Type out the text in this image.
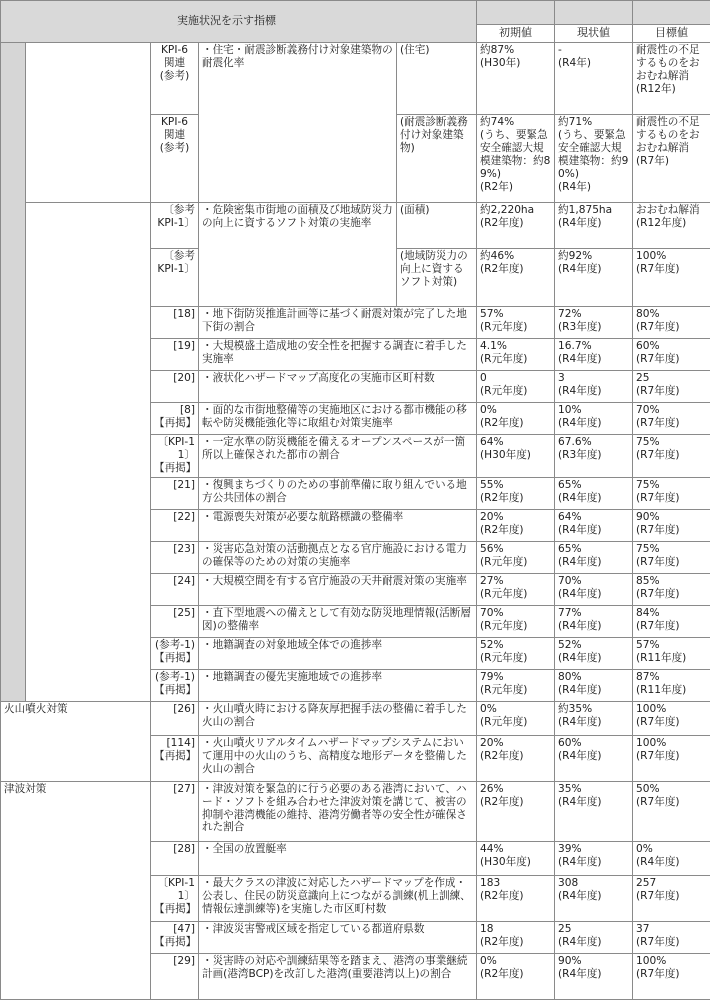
実施状況を示す指標							
					初期値	現状値	目標値
		KPI-6
関連
(参考)	・住宅・耐震診断義務付け対象建築物の耐震化率	(住宅)	約87%
(H30年)	-
(R4年)	耐震性の不足するものをおおむね解消
(R12年)
		KPI-6
関連
(参考)		(耐震診断義務付け対象建築物)	約74%
(うち、要緊急安全確認大規模建築物：約89%)
(R2年)	約71%
(うち、要緊急安全確認大規模建築物：約90%)
(R4年)	耐震性の不足するものをおおむね解消
(R7年)
		〔参考
KPI-1〕	・危険密集市街地の面積及び地域防災力の向上に資するソフト対策の実施率	(面積)	約2,220ha
(R2年度)	約1,875ha
(R4年度)	おおむね解消
(R12年度)
		〔参考
KPI-1〕		(地域防災力の向上に資するソフト対策)	約46%
(R2年度)	約92%
(R4年度)	100%
(R7年度)
		[18]	・地下街防災推進計画等に基づく耐震対策が完了した地下街の割合		57%
(R元年度)	72%
(R3年度)	80%
(R7年度)
		[19]	・大規模盛土造成地の安全性を把握する調査に着手した実施率		4.1%
(R元年度)	16.7%
(R4年度)	60%
(R7年度)
		[20]	・液状化ハザードマップ高度化の実施市区町村数		0
(R元年度)	3
(R4年度)	25
(R7年度)
		[8]
【再掲】	・面的な市街地整備等の実施地区における都市機能の移転や防災機能強化等に取組む対策実施率		0%
(R2年度)	10%
(R4年度)	70%
(R7年度)
		〔KPI-11〕
【再掲】	・一定水準の防災機能を備えるオープンスペースが一箇所以上確保された都市の割合		64%
(H30年度)	67.6%
(R3年度)	75%
(R7年度)
		[21]	・復興まちづくりのための事前準備に取り組んでいる地方公共団体の割合		55%
(R2年度)	65%
(R4年度)	75%
(R7年度)
		[22]	・電源喪失対策が必要な航路標識の整備率		20%
(R2年度)	64%
(R4年度)	90%
(R7年度)
		[23]	・災害応急対策の活動拠点となる官庁施設における電力の確保等のための対策の実施率		56%
(R元年度)	65%
(R4年度)	75%
(R7年度)
		[24]	・大規模空間を有する官庁施設の天井耐震対策の実施率		27%
(R元年度)	70%
(R4年度)	85%
(R7年度)
		[25]	・直下型地震への備えとして有効な防災地理情報(活断層図)の整備率		70%
(R元年度)	77%
(R4年度)	84%
(R7年度)
		(参考-1)
【再掲】	・地籍調査の対象地域全体での進捗率		52%
(R元年度)	52%
(R4年度)	57%
(R11年度)
		(参考-1)
【再掲】	・地籍調査の優先実施地域での進捗率		79%
(R元年度)	80%
(R4年度)	87%
(R11年度)
火山噴火対策		[26]	・火山噴火時における降灰厚把握手法の整備に着手した火山の割合		0%
(R元年度)	約35%
(R4年度)	100%
(R7年度)
		[114]
【再掲】	・火山噴火リアルタイムハザードマップシステムにおいて運用中の火山のうち、高精度な地形データを整備した火山の割合		20%
(R2年度)	60%
(R4年度)	100%
(R7年度)
津波対策		[27]	・津波対策を緊急的に行う必要のある港湾において、ハード・ソフトを組み合わせた津波対策を講じて、被害の抑制や港湾機能の維持、港湾労働者等の安全性が確保された割合		26%
(R2年度)	35%
(R4年度)	50%
(R7年度)
		[28]	・全国の放置艇率		44%
(H30年度)	39%
(R4年度)	0%
(R4年度)
		〔KPI-11〕
【再掲】	・最大クラスの津波に対応したハザードマップを作成・公表し、住民の防災意識向上につながる訓練(机上訓練、情報伝達訓練等)を実施した市区町村数		183
(R2年度)	308
(R4年度)	257
(R7年度)
		[47]
【再掲】	・津波災害警戒区域を指定している都道府県数		18
(R2年度)	25
(R4年度)	37
(R7年度)
		[29]	・災害時の対応や訓練結果等を踏まえ、港湾の事業継続計画(港湾BCP)を改訂した港湾(重要港湾以上)の割合		0%
(R2年度)	90%
(R4年度)	100%
(R7年度)
